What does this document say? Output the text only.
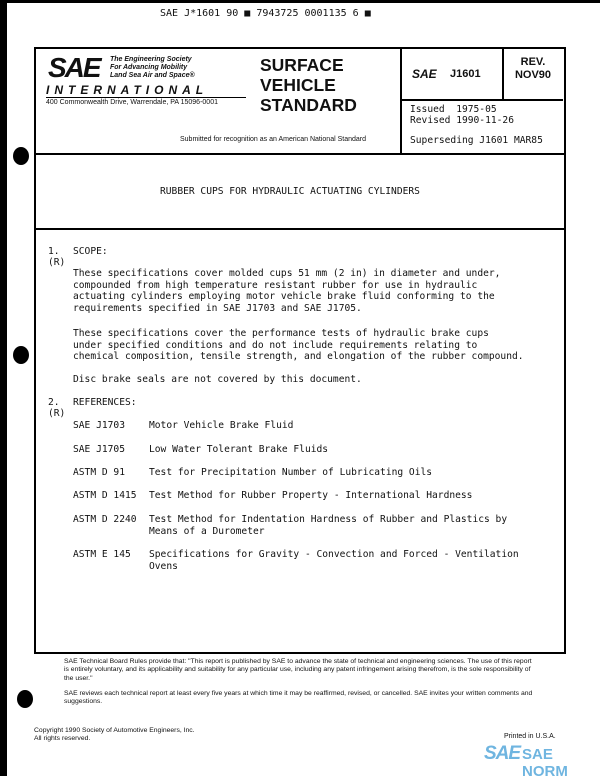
SAE J*1601 90 ■ 7943725 0001135 6 ■
SAE The Engineering Society
For Advancing Mobility
Land Sea Air and Space®
INTERNATIONAL
400 Commonwealth Drive, Warrendale, PA 15096-0001
SURFACE
VEHICLE
STANDARD
Submitted for recognition as an American National Standard
SAE J1601
REV.
NOV90
Issued  1975-05
Revised 1990-11-26
Superseding J1601 MAR85
RUBBER CUPS FOR HYDRAULIC ACTUATING CYLINDERS
1.
(R)
SCOPE:
These specifications cover molded cups 51 mm (2 in) in diameter and under,
compounded from high temperature resistant rubber for use in hydraulic
actuating cylinders employing motor vehicle brake fluid conforming to the
requirements specified in SAE J1703 and SAE J1705.
These specifications cover the performance tests of hydraulic brake cups
under specified conditions and do not include requirements relating to
chemical composition, tensile strength, and elongation of the rubber compound.
Disc brake seals are not covered by this document.
2.
(R)
REFERENCES:
SAE J1703	Motor Vehicle Brake Fluid
SAE J1705	Low Water Tolerant Brake Fluids
ASTM D 91	Test for Precipitation Number of Lubricating Oils
ASTM D 1415 Test Method for Rubber Property - International Hardness
ASTM D 2240 Test Method for Indentation Hardness of Rubber and Plastics by
Means of a Durometer
ASTM E 145 Specifications for Gravity - Convection and Forced - Ventilation
Ovens
SAE Technical Board Rules provide that: "This report is published by SAE to advance the state of technical and engineering sciences. The use of this report is entirely voluntary, and its applicability and suitability for any particular use, including any patent infringement arising therefrom, is the sole responsibility of the user."
SAE reviews each technical report at least every five years at which time it may be reaffirmed, revised, or cancelled. SAE invites your written comments and suggestions.
Copyright 1990 Society of Automotive Engineers, Inc.
All rights reserved.	Printed in U.S.A.
SAE SAE NORM
